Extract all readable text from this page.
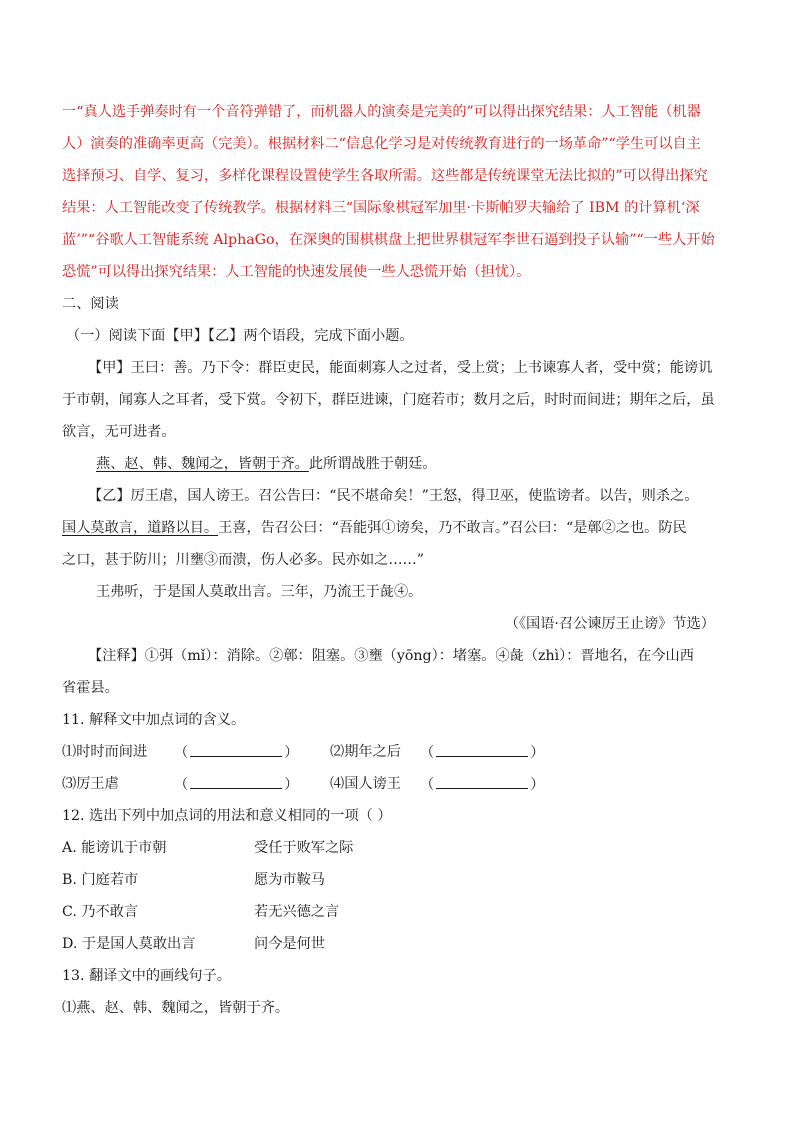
一“真人选手弹奏时有一个音符弹错了，而机器人的演奏是完美的”可以得出探究结果：人工智能（机器
人）演奏的准确率更高（完美）。根据材料二“信息化学习是对传统教育进行的一场革命”“学生可以自主
选择预习、自学、复习，多样化课程设置使学生各取所需。这些都是传统课堂无法比拟的”可以得出探究
结果：人工智能改变了传统教学。根据材料三“国际象棋冠军加里·卡斯帕罗夫输给了 IBM 的计算机‘深
蓝’”“谷歌人工智能系统 AlphaGo，在深奥的围棋棋盘上把世界棋冠军李世石逼到投子认输”“一些人开始
恐慌”可以得出探究结果：人工智能的快速发展使一些人恐慌开始（担忧）。
二、阅读
（一）阅读下面【甲】【乙】两个语段，完成下面小题。
【甲】王曰：善。乃下令：群臣吏民，能面刺寡人之过者，受上赏；上书谏寡人者，受中赏；能谤讥
于市朝，闻寡人之耳者，受下赏。令初下，群臣进谏，门庭若市；数月之后，时时而间进；期年之后，虽
欲言，无可进者。
燕、赵、韩、魏闻之，皆朝于齐。此所谓战胜于朝廷。
【乙】厉王虐，国人谤王。召公告曰：“民不堪命矣！”王怒，得卫巫，使监谤者。以告，则杀之。
国人莫敢言，道路以目。王喜，告召公曰：“吾能弭①谤矣，乃不敢言。”召公曰：“是鄣②之也。防民
之口，甚于防川；川壅③而溃，伤人必多。民亦如之……”
王弗听，于是国人莫敢出言。三年，乃流王于彘④。
（《国语·召公谏厉王止谤》节选）
【注释】①弭（mǐ）：消除。②鄣：阻塞。③壅（yōng）：堵塞。④彘（zhì）：晋地名，在今山西
省霍县。
11. 解释文中加点词的含义。
⑴时时而间进 （	） ⑵期年之后 （	）
⑶厉王虐	（	） ⑷国人谤王 （	）
12. 选出下列中加点词的用法和意义相同的一项（ ）
A. 能谤讥于市朝	受任于败军之际
B. 门庭若市	愿为市鞍马
C. 乃不敢言	若无兴德之言
D. 于是国人莫敢出言	问今是何世
13. 翻译文中的画线句子。
⑴燕、赵、韩、魏闻之，皆朝于齐。
